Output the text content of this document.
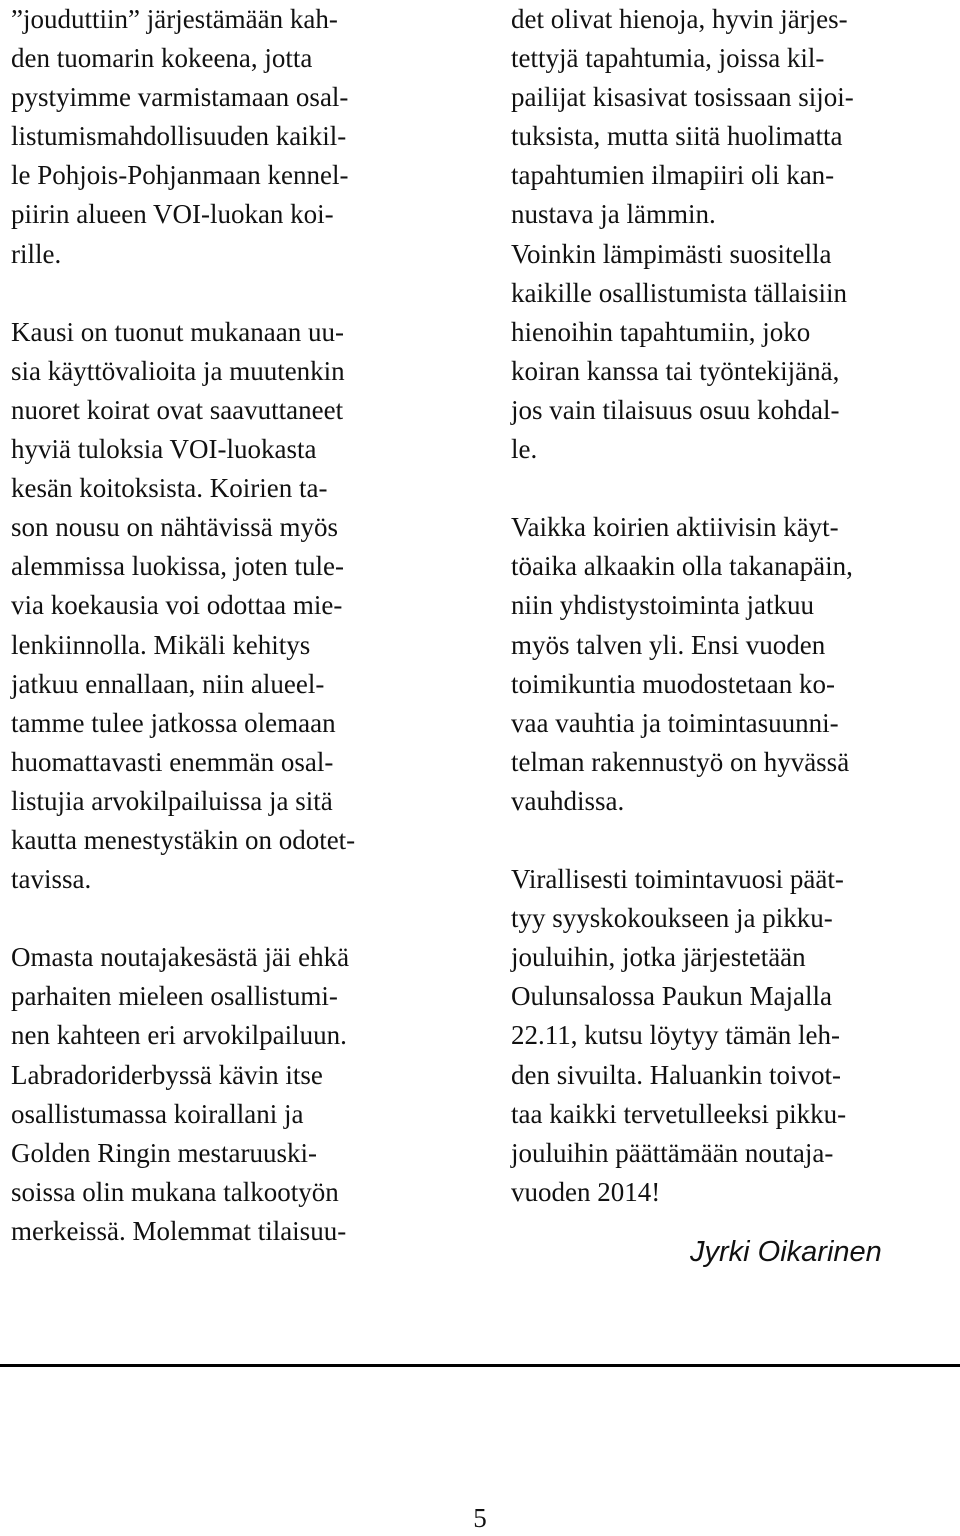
”jouduttiin” järjestämään kah-
den tuomarin kokeena, jotta
pystyimme varmistamaan osal-
listumismahdollisuuden kaikil-
le Pohjois-Pohjanmaan kennel-
piirin alueen VOI-luokan koi-
rille.
Kausi on tuonut mukanaan uu-
sia käyttövalioita ja muutenkin
nuoret koirat ovat saavuttaneet
hyviä tuloksia VOI-luokasta
kesän koitoksista. Koirien ta-
son nousu on nähtävissä myös
alemmissa luokissa, joten tule-
via koekausia voi odottaa mie-
lenkiinnolla. Mikäli kehitys
jatkuu ennallaan, niin alueel-
tamme tulee jatkossa olemaan
huomattavasti enemmän osal-
listujia arvokilpailuissa ja sitä
kautta menestystäkin on odotet-
tavissa.
Omasta noutajakesästä jäi ehkä
parhaiten mieleen osallistumi-
nen kahteen eri arvokilpailuun.
Labradoriderbyssä kävin itse
osallistumassa koirallani ja
Golden Ringin mestaruuski-
soissa olin mukana talkootyön
merkeissä. Molemmat tilaisuu-
det olivat hienoja, hyvin järjes-
tettyjä tapahtumia, joissa kil-
pailijat kisasivat tosissaan sijoi-
tuksista, mutta siitä huolimatta
tapahtumien ilmapiiri oli kan-
nustava ja lämmin.
Voinkin lämpimästi suositella
kaikille osallistumista tällaisiin
hienoihin tapahtumiin, joko
koiran kanssa tai työntekijänä,
jos vain tilaisuus osuu kohdal-
le.
Vaikka koirien aktiivisin käyt-
töaika alkaakin olla takanapäin,
niin yhdistystoiminta jatkuu
myös talven yli. Ensi vuoden
toimikuntia muodostetaan ko-
vaa vauhtia ja toimintasuunni-
telman rakennustyö on hyvässä
vauhdissa.
Virallisesti toimintavuosi päät-
tyy syyskokoukseen ja pikku-
jouluihin, jotka järjestetään
Oulunsalossa Paukun Majalla
22.11, kutsu löytyy tämän leh-
den sivuilta. Haluankin toivot-
taa kaikki tervetulleeksi pikku-
jouluihin päättämään noutaja-
vuoden 2014!
Jyrki Oikarinen
5
